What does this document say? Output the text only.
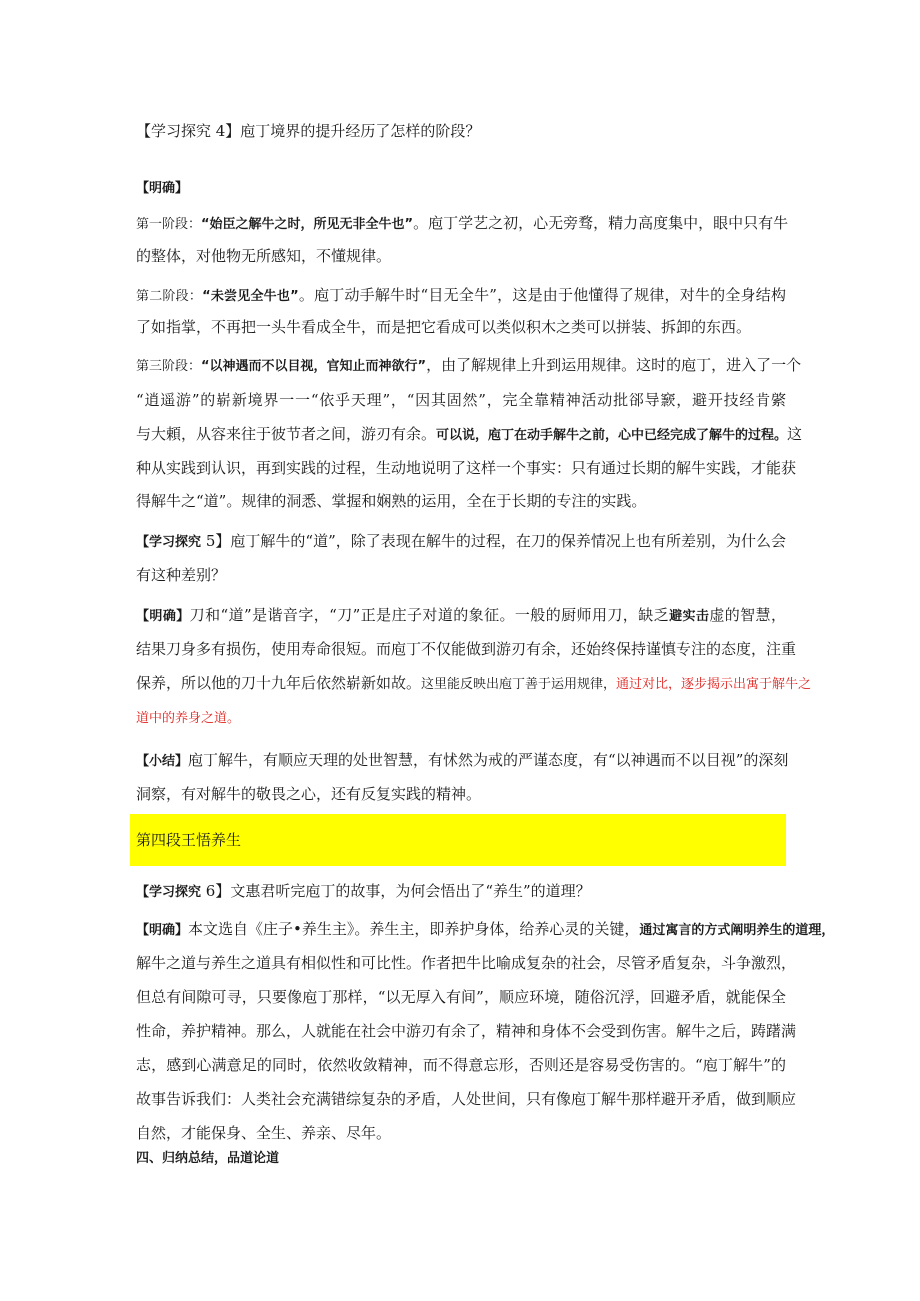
【学习探究 4】庖丁境界的提升经历了怎样的阶段？
【明确】
第一阶段：“始臣之解牛之时，所见无非全牛也”。庖丁学艺之初，心无旁骛，精力高度集中，眼中只有牛
的整体，对他物无所感知，不懂规律。
第二阶段：“未尝见全牛也”。庖丁动手解牛时“目无全牛”，这是由于他懂得了规律，对牛的全身结构
了如指掌，不再把一头牛看成全牛，而是把它看成可以类似积木之类可以拼装、拆卸的东西。
第三阶段：“以神遇而不以目视，官知止而神欲行”，由了解规律上升到运用规律。这时的庖丁，进入了一个
“逍遥游”的崭新境界一一“依乎天理”，“因其固然”，完全靠精神活动批郤导窾，避开技经肯綮
与大頼，从容来往于彼节者之间，游刃有余。可以说，庖丁在动手解牛之前，心中已经完成了解牛的过程。这
种从实践到认识，再到实践的过程，生动地说明了这样一个事实：只有通过长期的解牛实践，才能获
得解牛之“道”。规律的洞悉、掌握和娴熟的运用，全在于长期的专注的实践。
【学习探究 5】庖丁解牛的“道”，除了表现在解牛的过程，在刀的保养情况上也有所差别，为什么会
有这种差别？
【明确】刀和“道”是谐音字，“刀”正是庄子对道的象征。一般的厨师用刀，缺乏避实击虚的智慧，
结果刀身多有损伤，使用寿命很短。而庖丁不仅能做到游刃有余，还始终保持谨慎专注的态度，注重
保养，所以他的刀十九年后依然崭新如故。这里能反映出庖丁善于运用规律，通过对比，逐步揭示出寓于解牛之
道中的养身之道。
【小结】庖丁解牛，有顺应天理的处世智慧，有怵然为戒的严谨态度，有“以神遇而不以目视”的深刻
洞察，有对解牛的敬畏之心，还有反复实践的精神。
第四段王悟养生
【学习探究 6】文惠君听完庖丁的故事，为何会悟出了“养生”的道理？
【明确】本文选自《庄子•养生主》。养生主，即养护身体，给养心灵的关键，通过寓言的方式阐明养生的道理，
解牛之道与养生之道具有相似性和可比性。作者把牛比喻成复杂的社会，尽管矛盾复杂，斗争激烈，
但总有间隙可寻，只要像庖丁那样，“以无厚入有间”，顺应环境，随俗沉浮，回避矛盾，就能保全
性命，养护精神。那么，人就能在社会中游刃有余了，精神和身体不会受到伤害。解牛之后，踌躇满
志，感到心满意足的同时，依然收敛精神，而不得意忘形，否则还是容易受伤害的。“庖丁解牛”的
故事告诉我们：人类社会充满错综复杂的矛盾，人处世间，只有像庖丁解牛那样避开矛盾，做到顺应
自然，才能保身、全生、养亲、尽年。
四、归纳总结，品道论道
